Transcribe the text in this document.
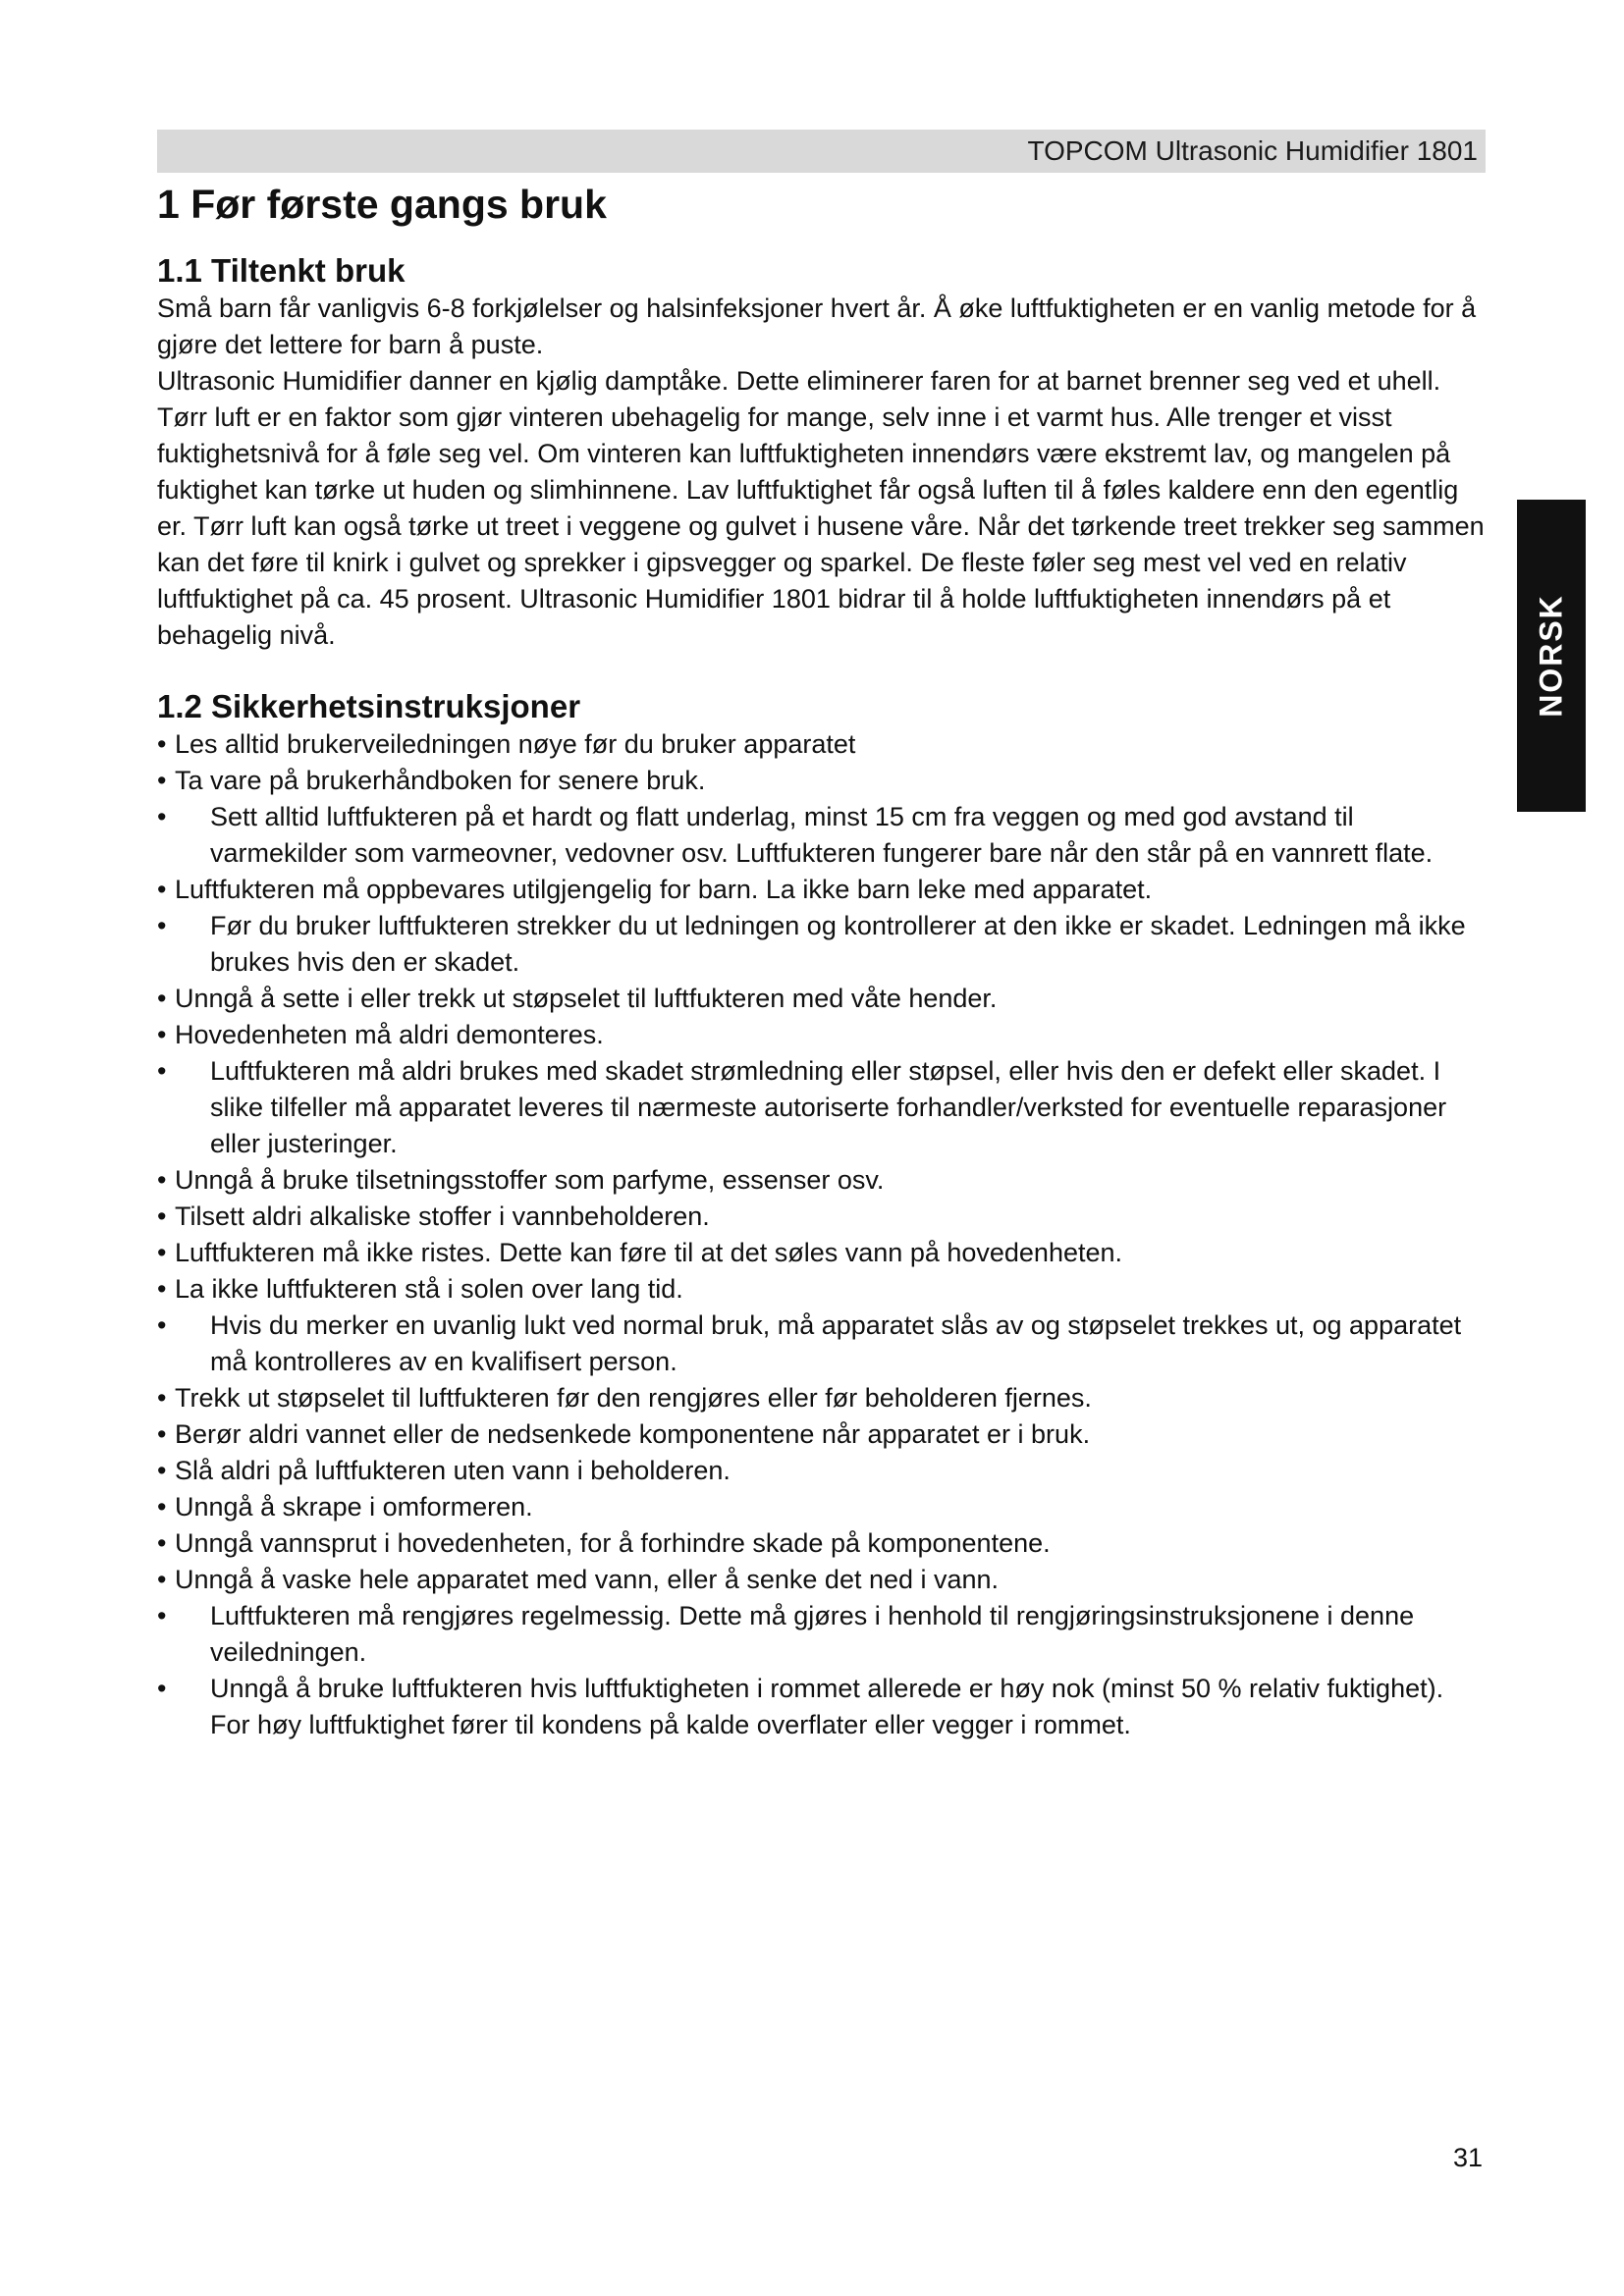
TOPCOM Ultrasonic Humidifier 1801
NORSK
1 Før første gangs bruk
1.1 Tiltenkt bruk

Små barn får vanligvis 6-8 forkjølelser og halsinfeksjoner hvert år. Å øke luftfuktigheten er en vanlig metode for å gjøre det lettere for barn å puste.

Ultrasonic Humidifier danner en kjølig damptåke. Dette eliminerer faren for at barnet brenner seg ved et uhell.

Tørr luft er en faktor som gjør vinteren ubehagelig for mange, selv inne i et varmt hus. Alle trenger et visst fuktighetsnivå for å føle seg vel. Om vinteren kan luftfuktigheten innendørs være ekstremt lav, og mangelen på fuktighet kan tørke ut huden og slimhinnene. Lav luftfuktighet får også luften til å føles kaldere enn den egentlig er. Tørr luft kan også tørke ut treet i veggene og gulvet i husene våre. Når det tørkende treet trekker seg sammen kan det føre til knirk i gulvet og sprekker i gipsvegger og sparkel. De fleste føler seg mest vel ved en relativ luftfuktighet på ca. 45 prosent. Ultrasonic Humidifier 1801 bidrar til å holde luftfuktigheten innendørs på et behagelig nivå.

1.2 Sikkerhetsinstruksjoner
• Les alltid brukerveiledningen nøye før du bruker apparatet
• Ta vare på brukerhåndboken for senere bruk.
• Sett alltid luftfukteren på et hardt og flatt underlag, minst 15 cm fra veggen og med god avstand til varmekilder som varmeovner, vedovner osv. Luftfukteren fungerer bare når den står på en vannrett flate.
• Luftfukteren må oppbevares utilgjengelig for barn. La ikke barn leke med apparatet.
• Før du bruker luftfukteren strekker du ut ledningen og kontrollerer at den ikke er skadet. Ledningen må ikke brukes hvis den er skadet.
• Unngå å sette i eller trekk ut støpselet til luftfukteren med våte hender.
• Hovedenheten må aldri demonteres.
• Luftfukteren må aldri brukes med skadet strømledning eller støpsel, eller hvis den er defekt eller skadet. I slike tilfeller må apparatet leveres til nærmeste autoriserte forhandler/verksted for eventuelle reparasjoner eller justeringer.
• Unngå å bruke tilsetningsstoffer som parfyme, essenser osv.
• Tilsett aldri alkaliske stoffer i vannbeholderen.
• Luftfukteren må ikke ristes. Dette kan føre til at det søles vann på hovedenheten.
• La ikke luftfukteren stå i solen over lang tid.
• Hvis du merker en uvanlig lukt ved normal bruk, må apparatet slås av og støpselet trekkes ut, og apparatet må kontrolleres av en kvalifisert person.
• Trekk ut støpselet til luftfukteren før den rengjøres eller før beholderen fjernes.
• Berør aldri vannet eller de nedsenkede komponentene når apparatet er i bruk.
• Slå aldri på luftfukteren uten vann i beholderen.
• Unngå å skrape i omformeren.
• Unngå vannsprut i hovedenheten, for å forhindre skade på komponentene.
• Unngå å vaske hele apparatet med vann, eller å senke det ned i vann.
• Luftfukteren må rengjøres regelmessig. Dette må gjøres i henhold til rengjøringsinstruksjonene i denne veiledningen.
• Unngå å bruke luftfukteren hvis luftfuktigheten i rommet allerede er høy nok (minst 50 % relativ fuktighet). For høy luftfuktighet fører til kondens på kalde overflater eller vegger i rommet.
31
